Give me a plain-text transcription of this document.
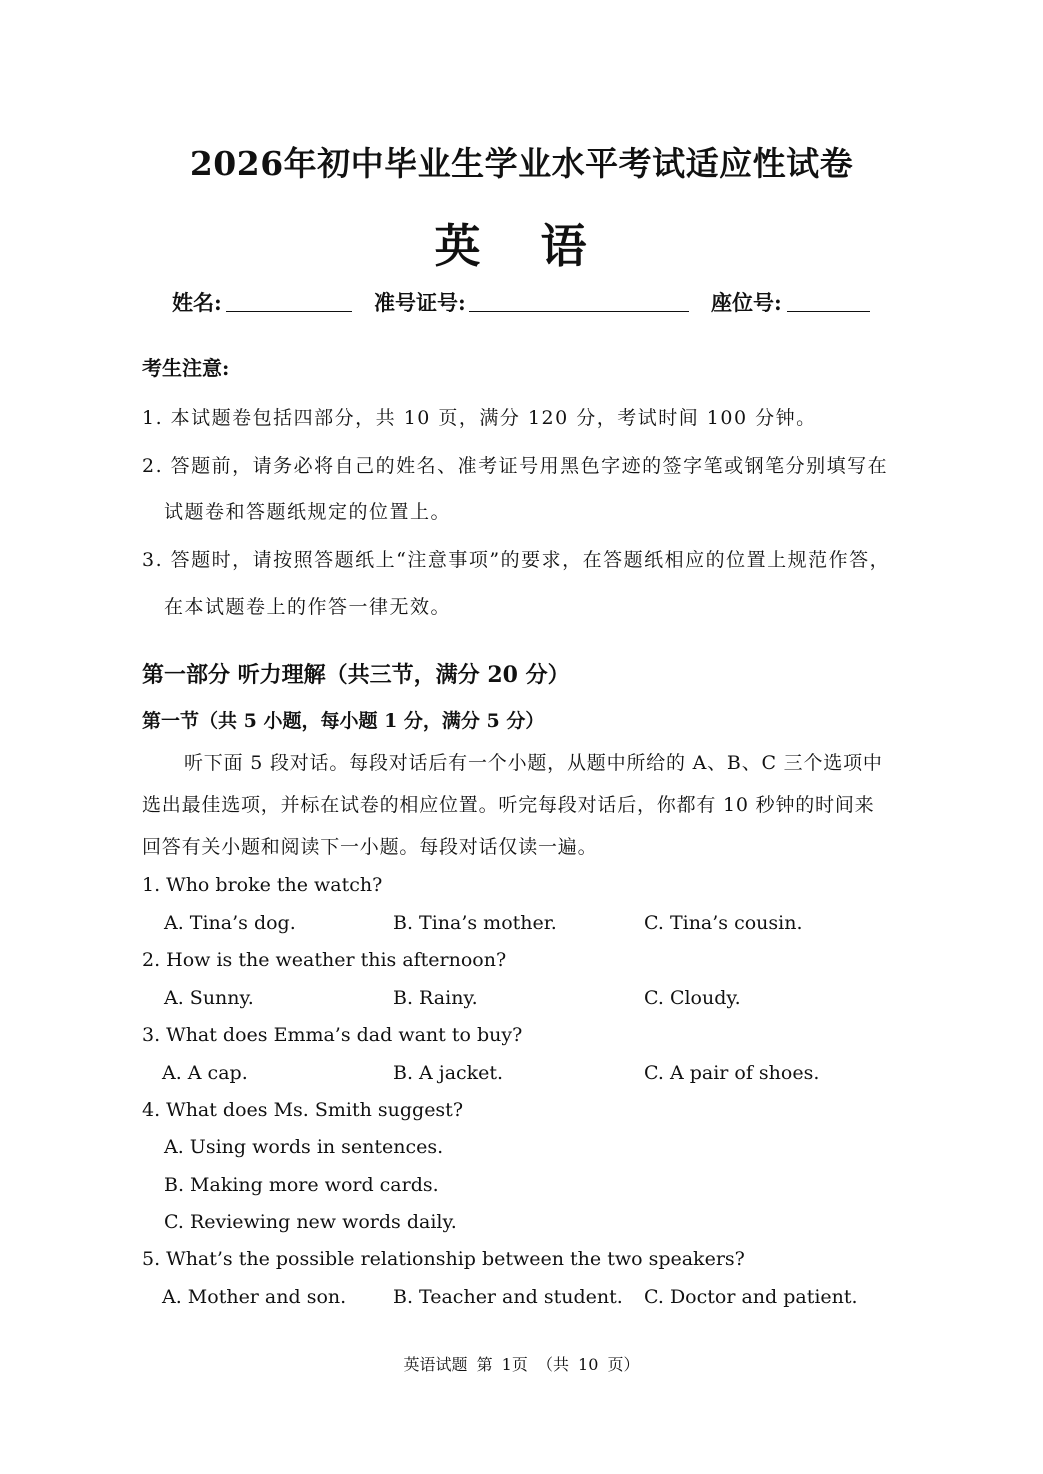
2026年初中毕业生学业水平考试适应性试卷
英 语
姓名:	准号证号:	座位号:
考生注意:
1. 本试题卷包括四部分，共 10 页，满分 120 分，考试时间 100 分钟。
2. 答题前，请务必将自己的姓名、准考证号用黑色字迹的签字笔或钢笔分别填写在
试题卷和答题纸规定的位置上。
3. 答题时，请按照答题纸上“注意事项”的要求，在答题纸相应的位置上规范作答，
在本试题卷上的作答一律无效。
第一部分 听力理解（共三节，满分 20 分）
第一节（共 5 小题，每小题 1 分，满分 5 分）
听下面 5 段对话。每段对话后有一个小题，从题中所给的 A、B、C 三个选项中
选出最佳选项，并标在试卷的相应位置。听完每段对话后，你都有 10 秒钟的时间来
回答有关小题和阅读下一小题。每段对话仅读一遍。
1. Who broke the watch?
A. Tina’s dog.	B. Tina’s mother.	C. Tina’s cousin.
2. How is the weather this afternoon?
A. Sunny.	B. Rainy.	C. Cloudy.
3. What does Emma’s dad want to buy?
A. A cap.	B. A jacket.	C. A pair of shoes.
4. What does Ms. Smith suggest?
A. Using words in sentences.
B. Making more word cards.
C. Reviewing new words daily.
5. What’s the possible relationship between the two speakers?
A. Mother and son. B. Teacher and student. C. Doctor and patient.
英语试题 第 1页 （共 10 页）
